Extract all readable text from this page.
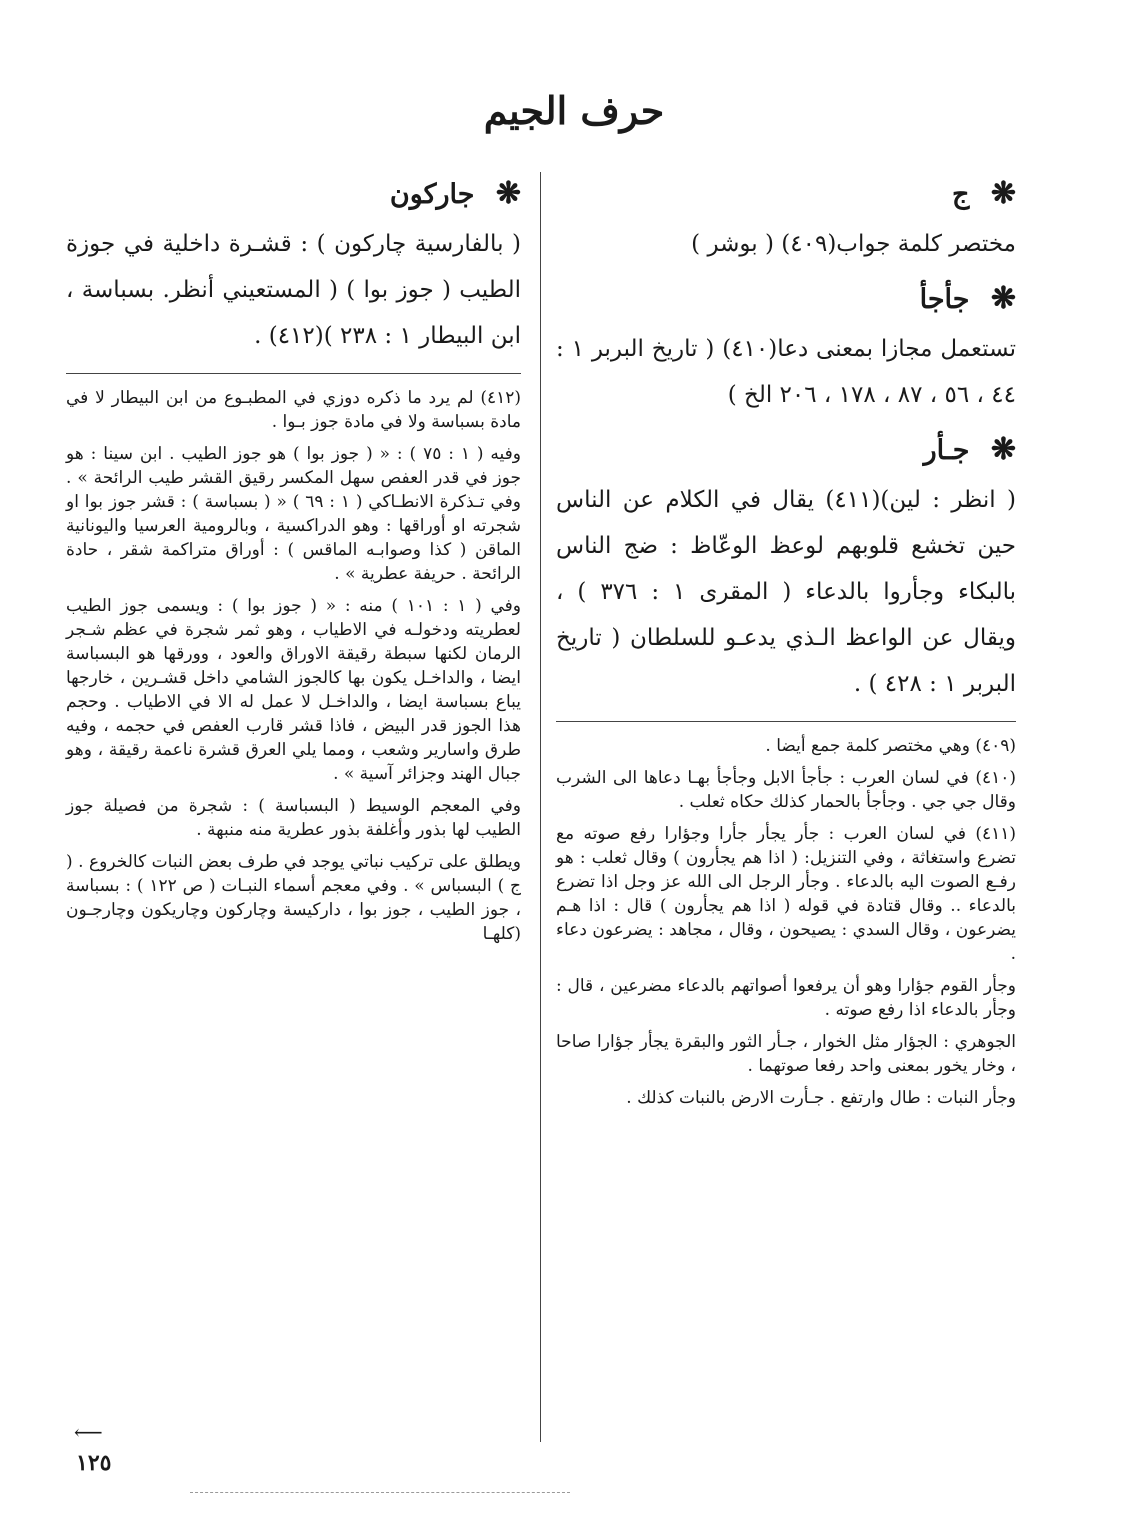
حرف الجيم
❋ ج

مختصر كلمة جواب(٤٠٩) ( بوشر )

❋ جأجأ

تستعمل مجازا بمعنى دعا(٤١٠) ( تاريخ البربر ١ : ٤٤ ، ٥٦ ، ٨٧ ، ١٧٨ ، ٢٠٦ الخ )

❋ جـأر

( انظر : لين)(٤١١) يقال في الكلام عن الناس حين تخشع قلوبهم لوعظ الوعّاظ : ضج الناس بالبكاء وجأروا بالدعاء ( المقرى ١ : ٣٧٦ ) ، ويقال عن الواعظ الـذي يدعـو للسلطان ( تاريخ البربر ١ : ٤٢٨ ) .

(٤٠٩) وهي مختصر كلمة جمع أيضا .

(٤١٠) في لسان العرب : جأجأ الابل وجأجأ بهـا دعاها الى الشرب وقال جي جي . وجأجأ بالحمار كذلك حكاه ثعلب .

(٤١١) في لسان العرب : جأر يجأر جأرا وجؤارا رفع صوته مع تضرع واستغاثة ، وفي التنزيل: ( اذا هم يجأرون ) وقال ثعلب : هو رفـع الصوت اليه بالدعاء . وجأر الرجل الى الله عز وجل اذا تضرع بالدعاء .. وقال قتادة في قوله ( اذا هم يجأرون ) قال : اذا هـم يضرعون ، وقال السدي : يصيحون ، وقال ، مجاهد : يضرعون دعاء .

وجأر القوم جؤارا وهو أن يرفعوا أصواتهم بالدعاء مضرعين ، قال : وجأر بالدعاء اذا رفع صوته .

الجوهري : الجؤار مثل الخوار ، جـأر الثور والبقرة يجأر جؤارا صاحا ، وخار يخور بمعنى واحد رفعا صوتهما .

وجأر النبات : طال وارتفع . جـأرت الارض بالنبات كذلك .

❋ جاركون

( بالفارسية چاركون ) : قشـرة داخلية في جوزة الطيب ( جوز بوا ) ( المستعيني أنظر. بسباسة ، ابن البيطار ١ : ٢٣٨ )(٤١٢) .

(٤١٢) لم يرد ما ذكره دوزي في المطبـوع من ابن البيطار لا في مادة بسباسة ولا في مادة جوز بـوا .

وفيه ( ١ : ٧٥ ) : « ( جوز بوا ) هو جوز الطيب . ابن سينا : هو جوز في قدر العفص سهل المكسر رقيق القشر طيب الرائحة » . وفي تـذكرة الانطـاكي ( ١ : ٦٩ ) « ( بسباسة ) : قشر جوز بوا او شجرته او أوراقها : وهو الدراكسية ، وبالرومية العرسيا واليونانية الماقن ( كذا وصوابـه الماقس ) : أوراق متراكمة شقر ، حادة الرائحة . حريفة عطرية » .

وفي ( ١ : ١٠١ ) منه : « ( جوز بوا ) : ويسمى جوز الطيب لعطريته ودخولـه في الاطياب ، وهو ثمر شجرة في عظم شـجر الرمان لكنها سبطة رقيقة الاوراق والعود ، وورقها هو البسباسة ايضا ، والداخـل يكون بها كالجوز الشامي داخل قشـرين ، خارجها يباع بسباسة ايضا ، والداخـل لا عمل له الا في الاطياب . وحجم هذا الجوز قدر البيض ، فاذا قشر قارب العفص في حجمه ، وفيه طرق واسارير وشعب ، ومما يلي العرق قشرة ناعمة رقيقة ، وهو جبال الهند وجزائر آسية » .

وفي المعجم الوسيط ( البسباسة ) : شجرة من فصيلة جوز الطيب لها بذور وأغلفة بذور عطرية منه منبهة .

ويطلق على تركيب نباتي يوجد في طرف بعض النبات كالخروع . ( ج ) البسباس » . وفي معجم أسماء النبـات ( ص ١٢٢ ) : بسباسة ، جوز الطيب ، جوز بوا ، داركيسة وچاركون وچاريكون وچارجـون (كلهـا

⟵
١٢٥
